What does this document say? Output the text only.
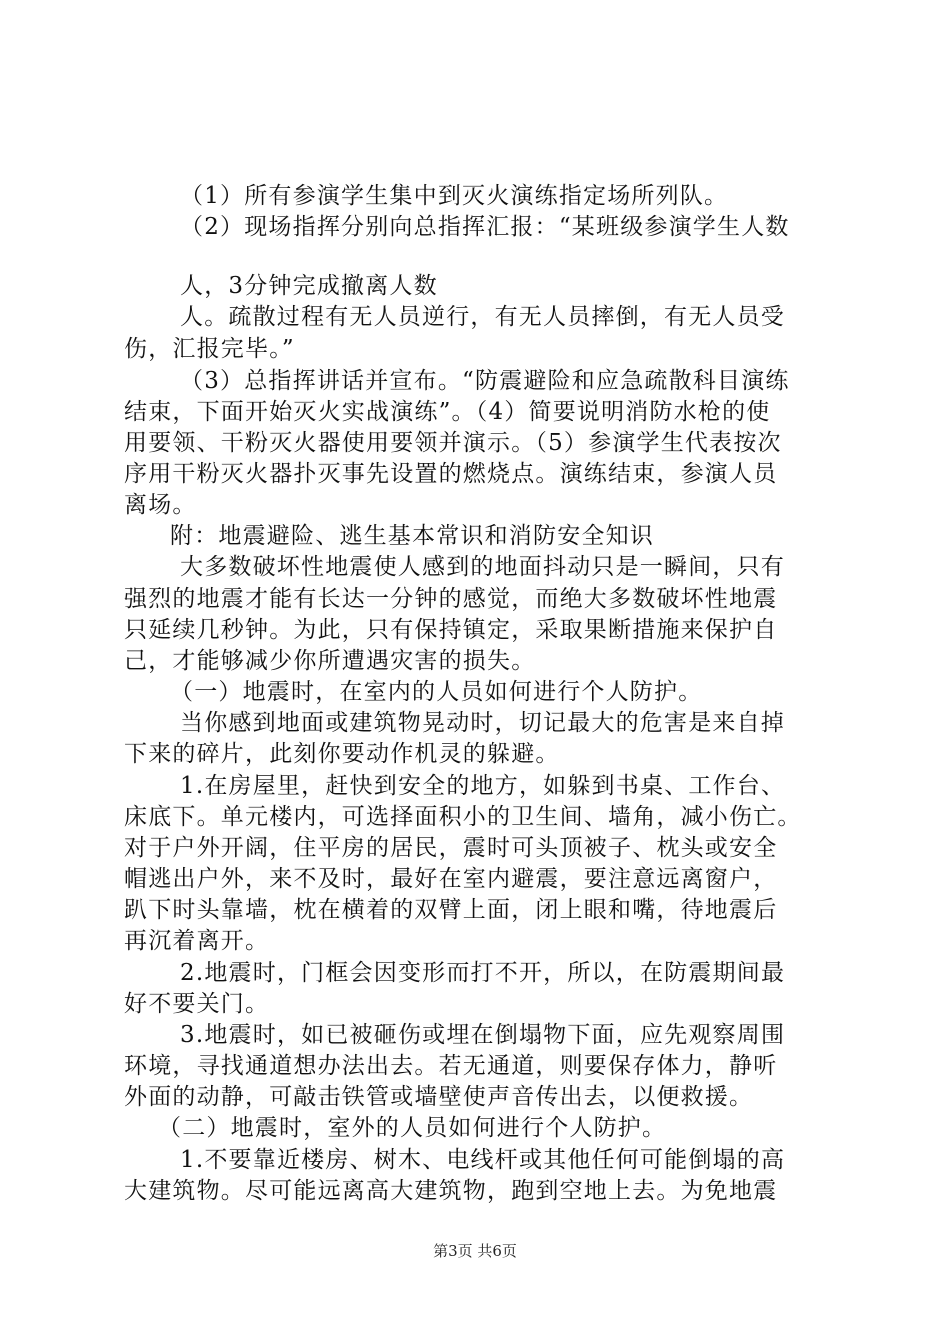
（1）所有参演学生集中到灭火演练指定场所列队。
（2）现场指挥分别向总指挥汇报：“某班级参演学生人数
人，3分钟完成撤离人数
人。疏散过程有无人员逆行，有无人员摔倒，有无人员受
伤，汇报完毕。”
（3）总指挥讲话并宣布。“防震避险和应急疏散科目演练
结束，下面开始灭火实战演练”。（4）简要说明消防水枪的使
用要领、干粉灭火器使用要领并演示。（5）参演学生代表按次
序用干粉灭火器扑灭事先设置的燃烧点。演练结束，参演人员
离场。
附：地震避险、逃生基本常识和消防安全知识
大多数破坏性地震使人感到的地面抖动只是一瞬间，只有
强烈的地震才能有长达一分钟的感觉，而绝大多数破坏性地震
只延续几秒钟。为此，只有保持镇定，采取果断措施来保护自
己，才能够减少你所遭遇灾害的损失。
（一）地震时，在室内的人员如何进行个人防护。
当你感到地面或建筑物晃动时，切记最大的危害是来自掉
下来的碎片，此刻你要动作机灵的躲避。
1.在房屋里，赶快到安全的地方，如躲到书桌、工作台、
床底下。单元楼内，可选择面积小的卫生间、墙角，减小伤亡。
对于户外开阔，住平房的居民，震时可头顶被子、枕头或安全
帽逃出户外，来不及时，最好在室内避震，要注意远离窗户，
趴下时头靠墙，枕在横着的双臂上面，闭上眼和嘴，待地震后
再沉着离开。
2.地震时，门框会因变形而打不开，所以，在防震期间最
好不要关门。
3.地震时，如已被砸伤或埋在倒塌物下面，应先观察周围
环境，寻找通道想办法出去。若无通道，则要保存体力，静听
外面的动静，可敲击铁管或墙壁使声音传出去，以便救援。
（二）地震时，室外的人员如何进行个人防护。
1.不要靠近楼房、树木、电线杆或其他任何可能倒塌的高
大建筑物。尽可能远离高大建筑物，跑到空地上去。为免地震
第3页 共6页
